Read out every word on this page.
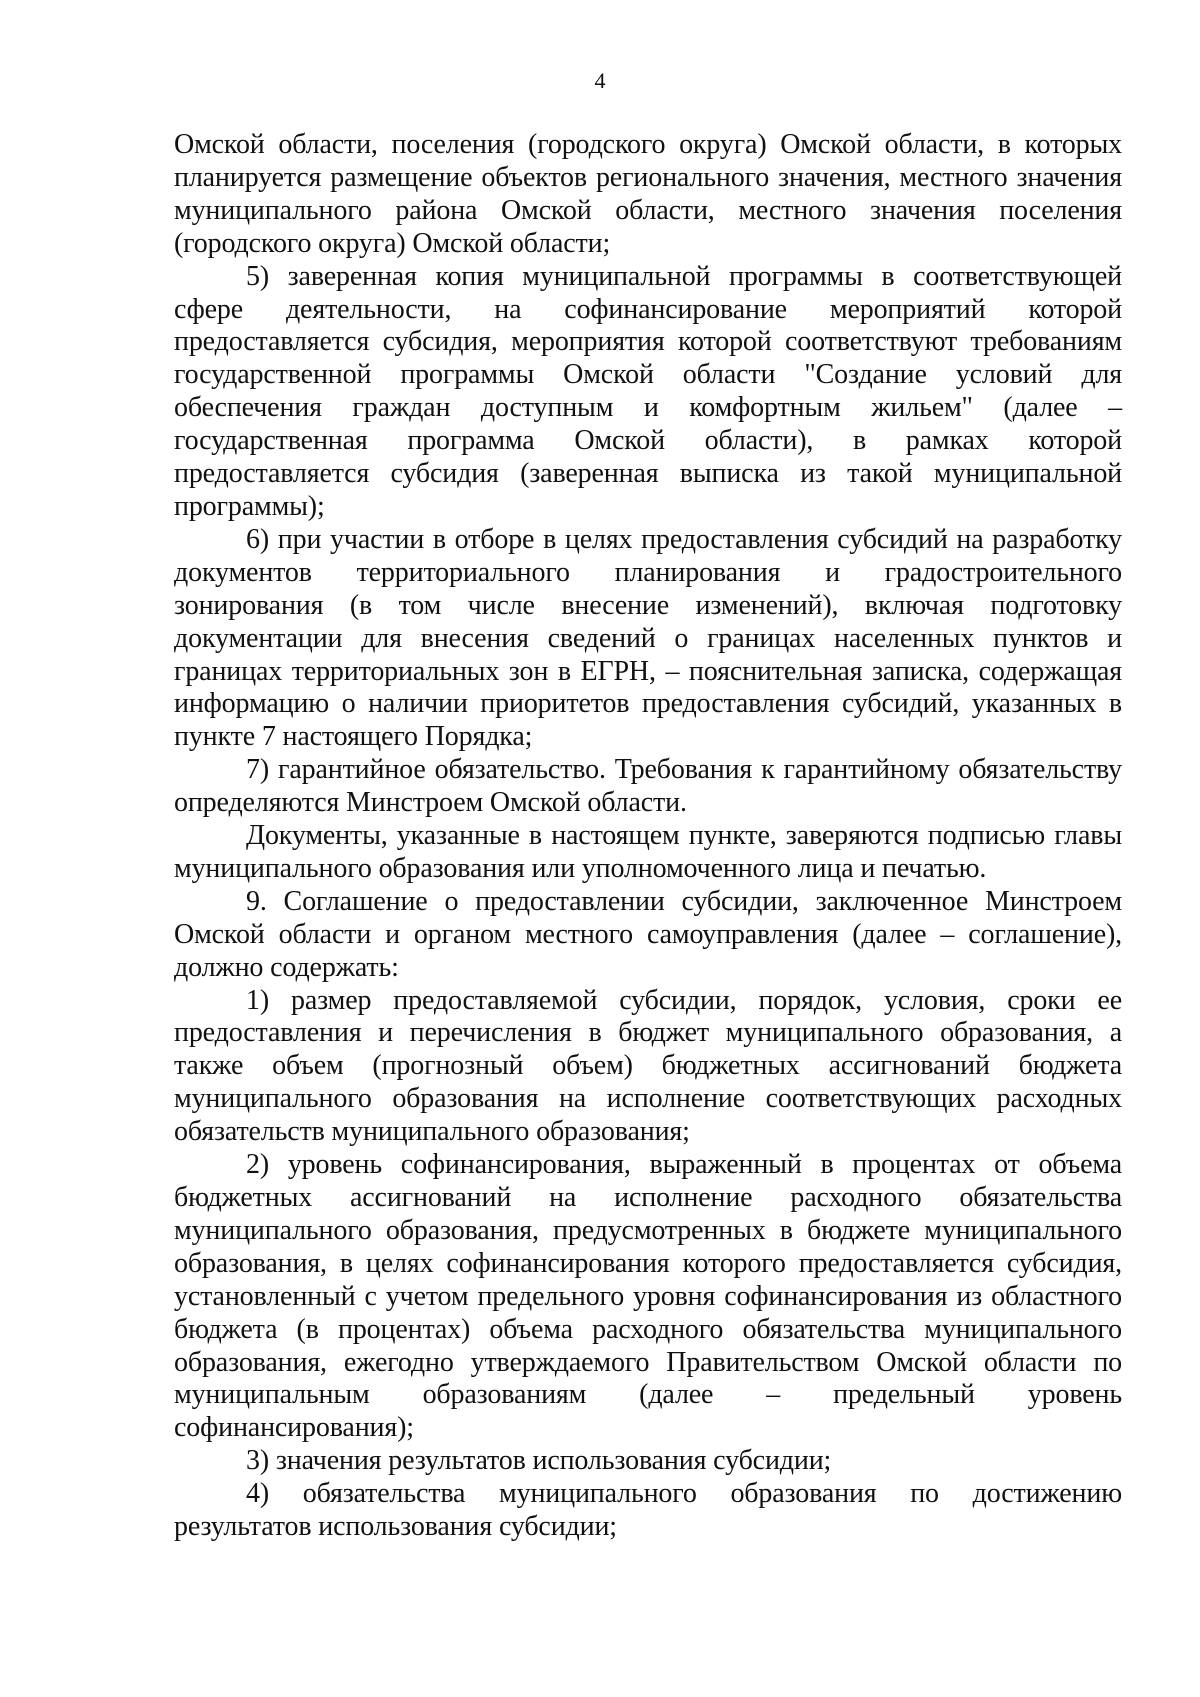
4

Омской области, поселения (городского округа) Омской области, в которых планируется размещение объектов регионального значения, местного значения муниципального района Омской области, местного значения поселения (городского округа) Омской области;

5) заверенная копия муниципальной программы в соответствующей сфере деятельности, на софинансирование мероприятий которой предоставляется субсидия, мероприятия которой соответствуют требованиям государственной программы Омской области "Создание условий для обеспечения граждан доступным и комфортным жильем" (далее – государственная программа Омской области), в рамках которой предоставляется субсидия (заверенная выписка из такой муниципальной программы);

6) при участии в отборе в целях предоставления субсидий на разработку документов территориального планирования и градостроительного зонирования (в том числе внесение изменений), включая подготовку документации для внесения сведений о границах населенных пунктов и границах территориальных зон в ЕГРН, – пояснительная записка, содержащая информацию о наличии приоритетов предоставления субсидий, указанных в пункте 7 настоящего Порядка;

7) гарантийное обязательство. Требования к гарантийному обязательству определяются Минстроем Омской области.

Документы, указанные в настоящем пункте, заверяются подписью главы муниципального образования или уполномоченного лица и печатью.

9. Соглашение о предоставлении субсидии, заключенное Минстроем Омской области и органом местного самоуправления (далее – соглашение), должно содержать:

1) размер предоставляемой субсидии, порядок, условия, сроки ее предоставления и перечисления в бюджет муниципального образования, а также объем (прогнозный объем) бюджетных ассигнований бюджета муниципального образования на исполнение соответствующих расходных обязательств муниципального образования;

2) уровень софинансирования, выраженный в процентах от объема бюджетных ассигнований на исполнение расходного обязательства муниципального образования, предусмотренных в бюджете муниципального образования, в целях софинансирования которого предоставляется субсидия, установленный с учетом предельного уровня софинансирования из областного бюджета (в процентах) объема расходного обязательства муниципального образования, ежегодно утверждаемого Правительством Омской области по муниципальным образованиям (далее – предельный уровень софинансирования);

3) значения результатов использования субсидии;

4) обязательства муниципального образования по достижению результатов использования субсидии;
